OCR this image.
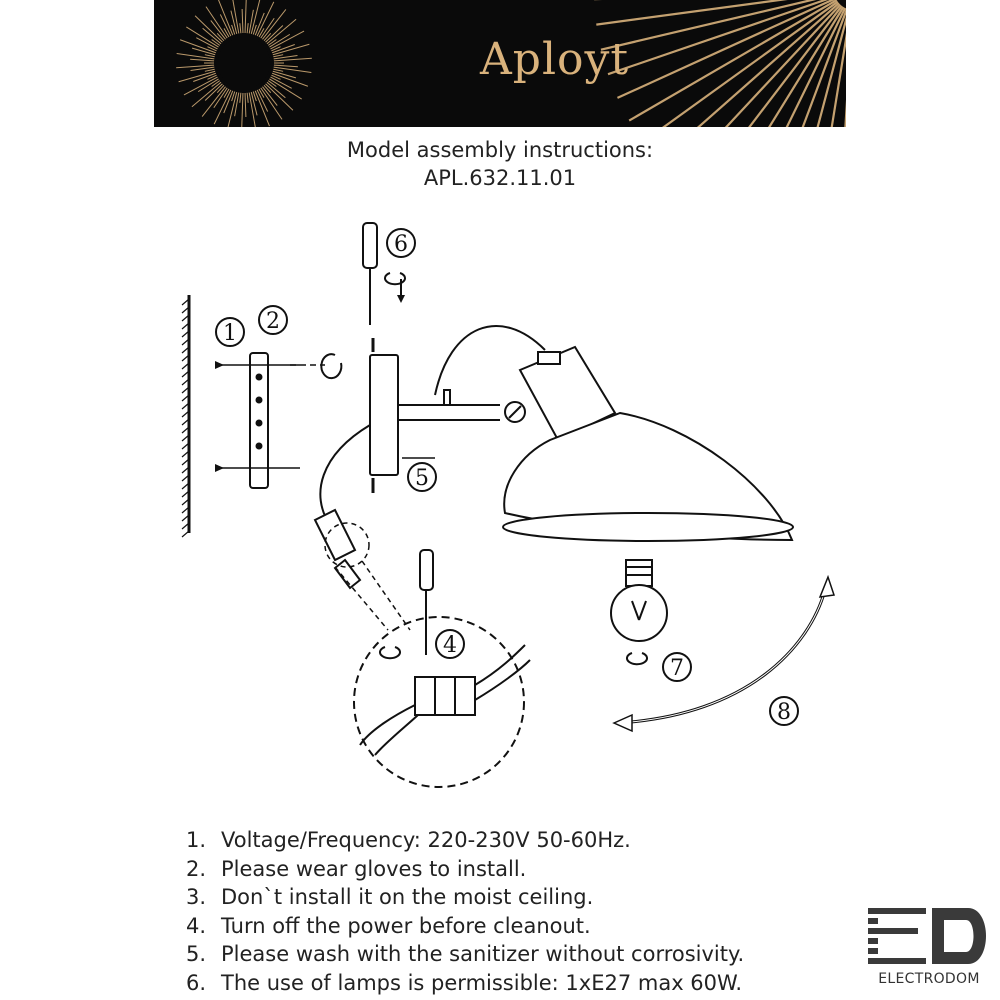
Aployt
Model assembly instructions:
APL.632.11.01
1 2
6
5
4
7
8
1. Voltage/Frequency: 220-230V 50-60Hz.
2. Please wear gloves to install.
3. Don`t install it on the moist ceiling.
4. Turn off the power before cleanout.
5. Please wash with the sanitizer without corrosivity.
6. The use of lamps is permissible: 1xE27 max 60W.	ELECTRODOM
